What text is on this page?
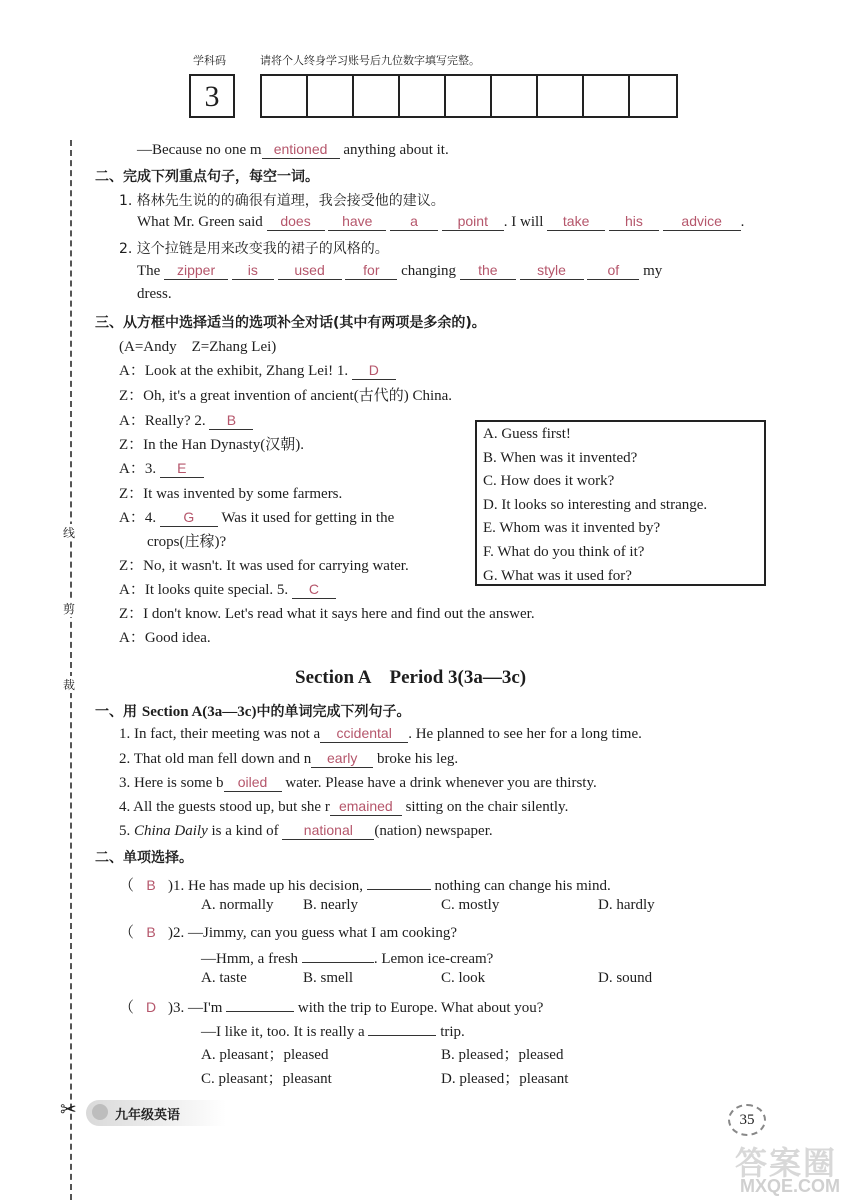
线
剪
裁
✂
学科码	请将个人终身学习账号后九位数字填写完整。
3
—Because no one m entioned anything about it.
二、完成下列重点句子，每空一词。
1. 格林先生说的的确很有道理，我会接受他的建议。
What Mr. Green said does have	a	point . I will take	his	advice .
2. 这个拉链是用来改变我的裙子的风格的。
The zipper is	used	for changing the	style	of my
dress.
三、从方框中选择适当的选项补全对话(其中有两项是多余的)。
(A=Andy　Z=Zhang Lei)
A：Look at the exhibit, Zhang Lei! 1. D
Z：Oh, it's a great invention of ancient(古代的) China.
A：Really? 2. B
Z：In the Han Dynasty(汉朝).
A：3. E
Z：It was invented by some farmers.
A：4. G Was it used for getting in the
crops(庄稼)?
Z：No, it wasn't. It was used for carrying water.
A：It looks quite special. 5. C
Z：I don't know. Let's read what it says here and find out the answer.
A：Good idea.
A. Guess first!
B. When was it invented?
C. How does it work?
D. It looks so interesting and strange.
E. Whom was it invented by?
F. What do you think of it?
G. What was it used for?
Section A　Period 3(3a—3c)
一、用 Section A(3a—3c)中的单词完成下列句子。
1. In fact, their meeting was not a ccidental . He planned to see her for a long time.
2. That old man fell down and n early broke his leg.
3. Here is some b oiled water. Please have a drink whenever you are thirsty.
4. All the guests stood up, but she r emained sitting on the chair silently.
5. China Daily is a kind of national (nation) newspaper.
二、单项选择。
（ B )1. He has made up his decision,	nothing can change his mind.
A. normally B. nearly	C. mostly	D. hardly
（ B )2. —Jimmy, can you guess what I am cooking?
—Hmm, a fresh	. Lemon ice-cream?
A. taste	B. smell	C. look	D. sound
（ D )3. —I'm	with the trip to Europe. What about you?
—I like it, too. It is really a	trip.
A. pleasant；pleased	B. pleased；pleased
C. pleasant；pleasant	D. pleased；pleasant
九年级英语	35
答案圈
MXQE.COM
